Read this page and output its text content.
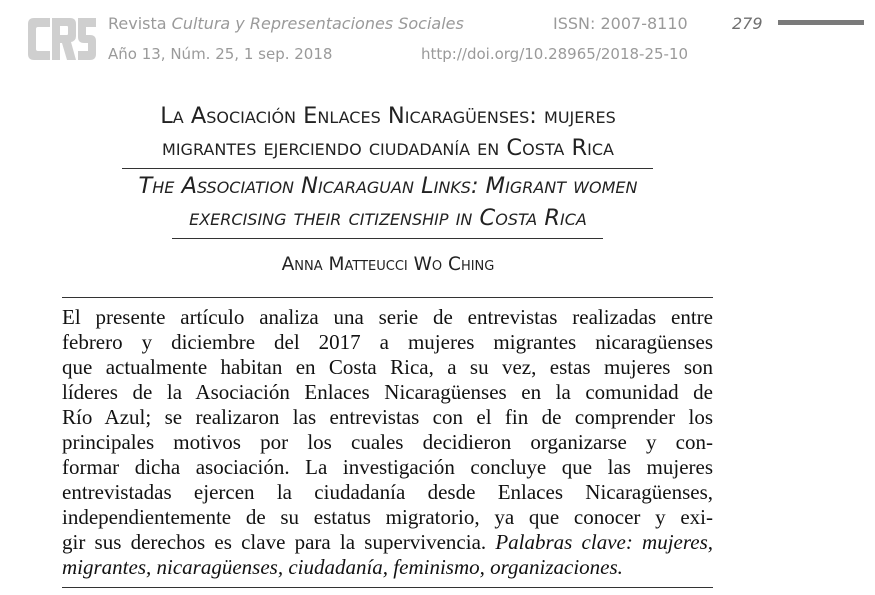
Revista Cultura y Representaciones Sociales	ISSN: 2007-8110	279
Año 13, Núm. 25, 1 sep. 2018	http://doi.org/10.28965/2018-25-10
La Asociación Enlaces Nicaragüenses: mujeres
migrantes ejerciendo ciudadanía en Costa Rica
The Association Nicaraguan Links: Migrant women
exercising their citizenship in Costa Rica
Anna Matteucci Wo Ching
El presente artículo analiza una serie de entrevistas realizadas entre
febrero y diciembre del 2017 a mujeres migrantes nicaragüenses
que actualmente habitan en Costa Rica, a su vez, estas mujeres son
líderes de la Asociación Enlaces Nicaragüenses en la comunidad de
Río Azul; se realizaron las entrevistas con el fin de comprender los
principales motivos por los cuales decidieron organizarse y con-
formar dicha asociación. La investigación concluye que las mujeres
entrevistadas ejercen la ciudadanía desde Enlaces Nicaragüenses,
independientemente de su estatus migratorio, ya que conocer y exi-
gir sus derechos es clave para la supervivencia. Palabras clave: mujeres,
migrantes, nicaragüenses, ciudadanía, feminismo, organizaciones.
